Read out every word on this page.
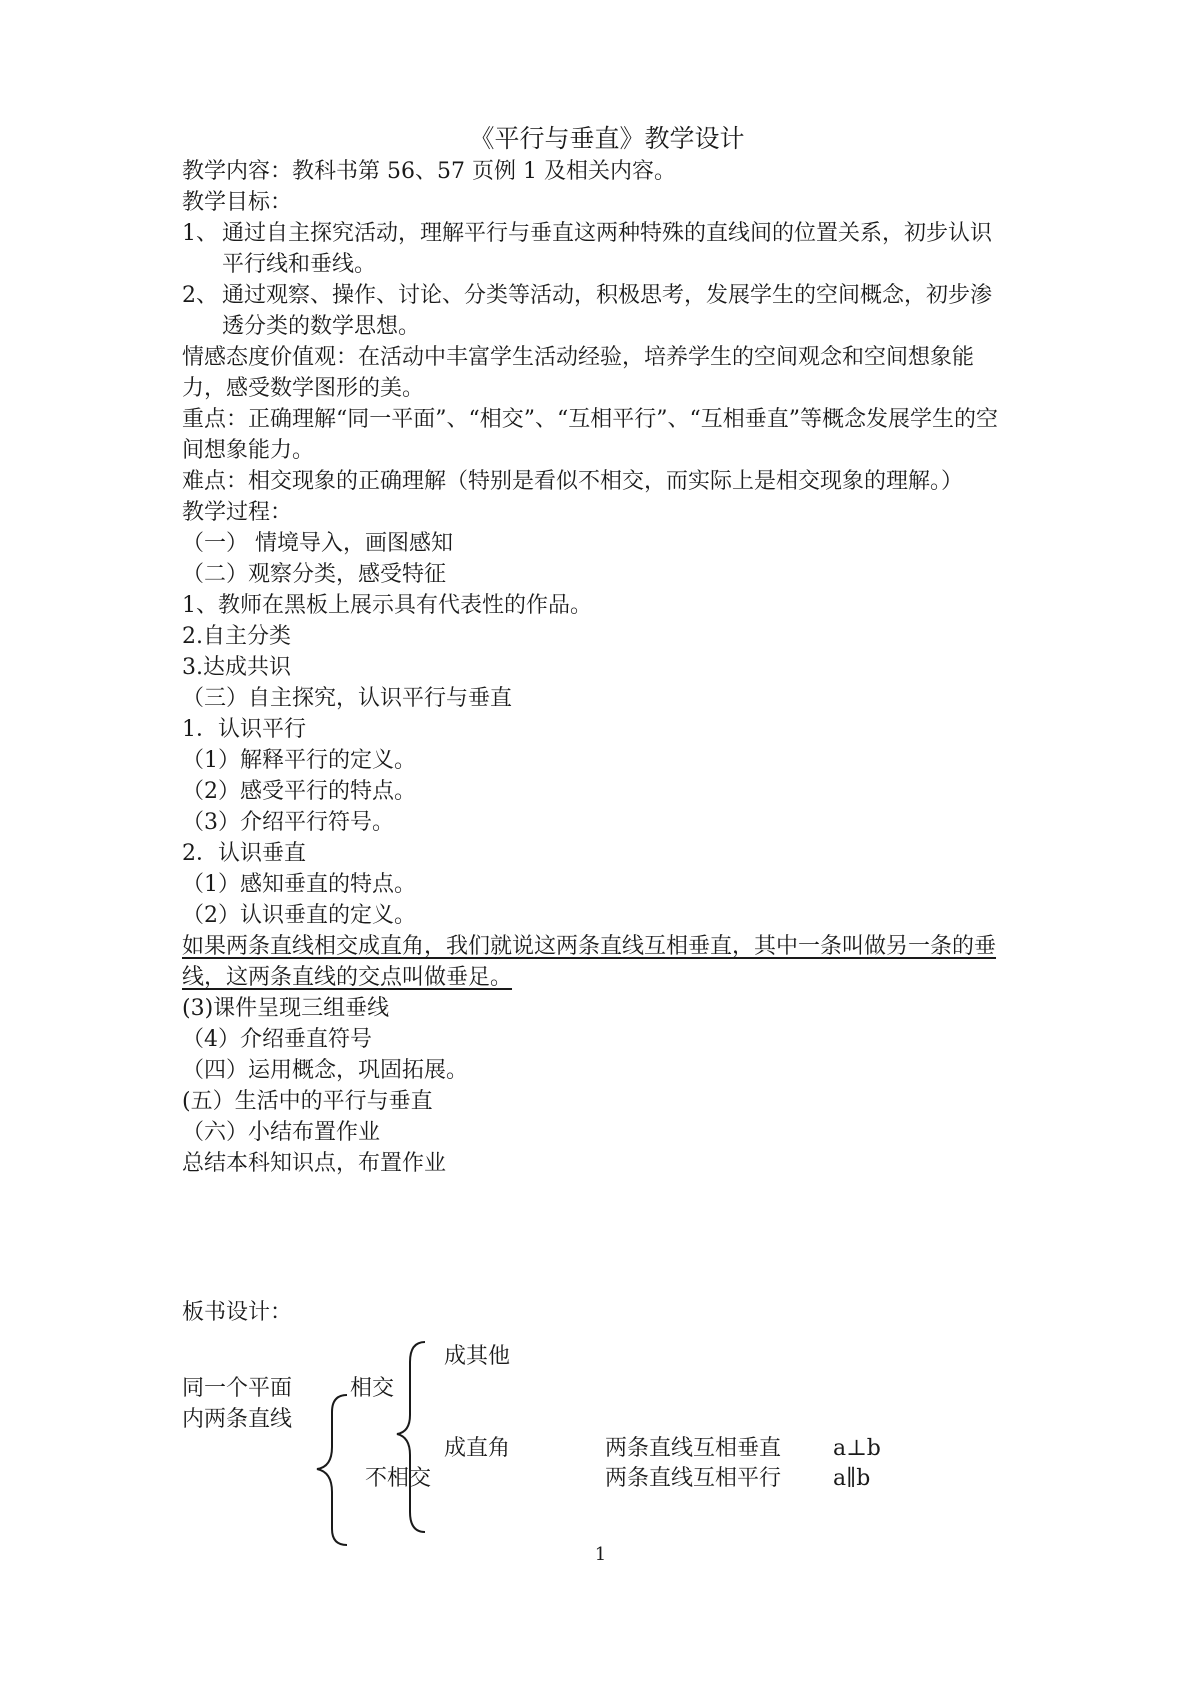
《平行与垂直》教学设计

教学内容：教科书第 56、57 页例 1 及相关内容。

教学目标：

1、 通过自主探究活动，理解平行与垂直这两种特殊的直线间的位置关系，初步认识平行线和垂线。
2、 通过观察、操作、讨论、分类等活动，积极思考，发展学生的空间概念，初步渗透分类的数学思想。

情感态度价值观：在活动中丰富学生活动经验，培养学生的空间观念和空间想象能力，感受数学图形的美。

重点：正确理解“同一平面”、“相交”、“互相平行”、“互相垂直”等概念发展学生的空间想象能力。

难点：相交现象的正确理解（特别是看似不相交，而实际上是相交现象的理解。）

教学过程：

（一） 情境导入，画图感知

（二）观察分类，感受特征

1、教师在黑板上展示具有代表性的作品。

2.自主分类

3.达成共识

（三）自主探究，认识平行与垂直

1．认识平行

（1）解释平行的定义。

（2）感受平行的特点。

（3）介绍平行符号。

2．认识垂直

（1）感知垂直的特点。

（2）认识垂直的定义。

如果两条直线相交成直角，我们就说这两条直线互相垂直，其中一条叫做另一条的垂线，这两条直线的交点叫做垂足。

(3)课件呈现三组垂线

（4）介绍垂直符号

（四）运用概念，巩固拓展。

(五）生活中的平行与垂直

（六）小结布置作业

总结本科知识点，布置作业

板书设计：
成其他
同一个平面	相交
内两条直线
成直角	两条直线互相垂直 a⊥b
不相交	两条直线互相平行 a∥b
1
